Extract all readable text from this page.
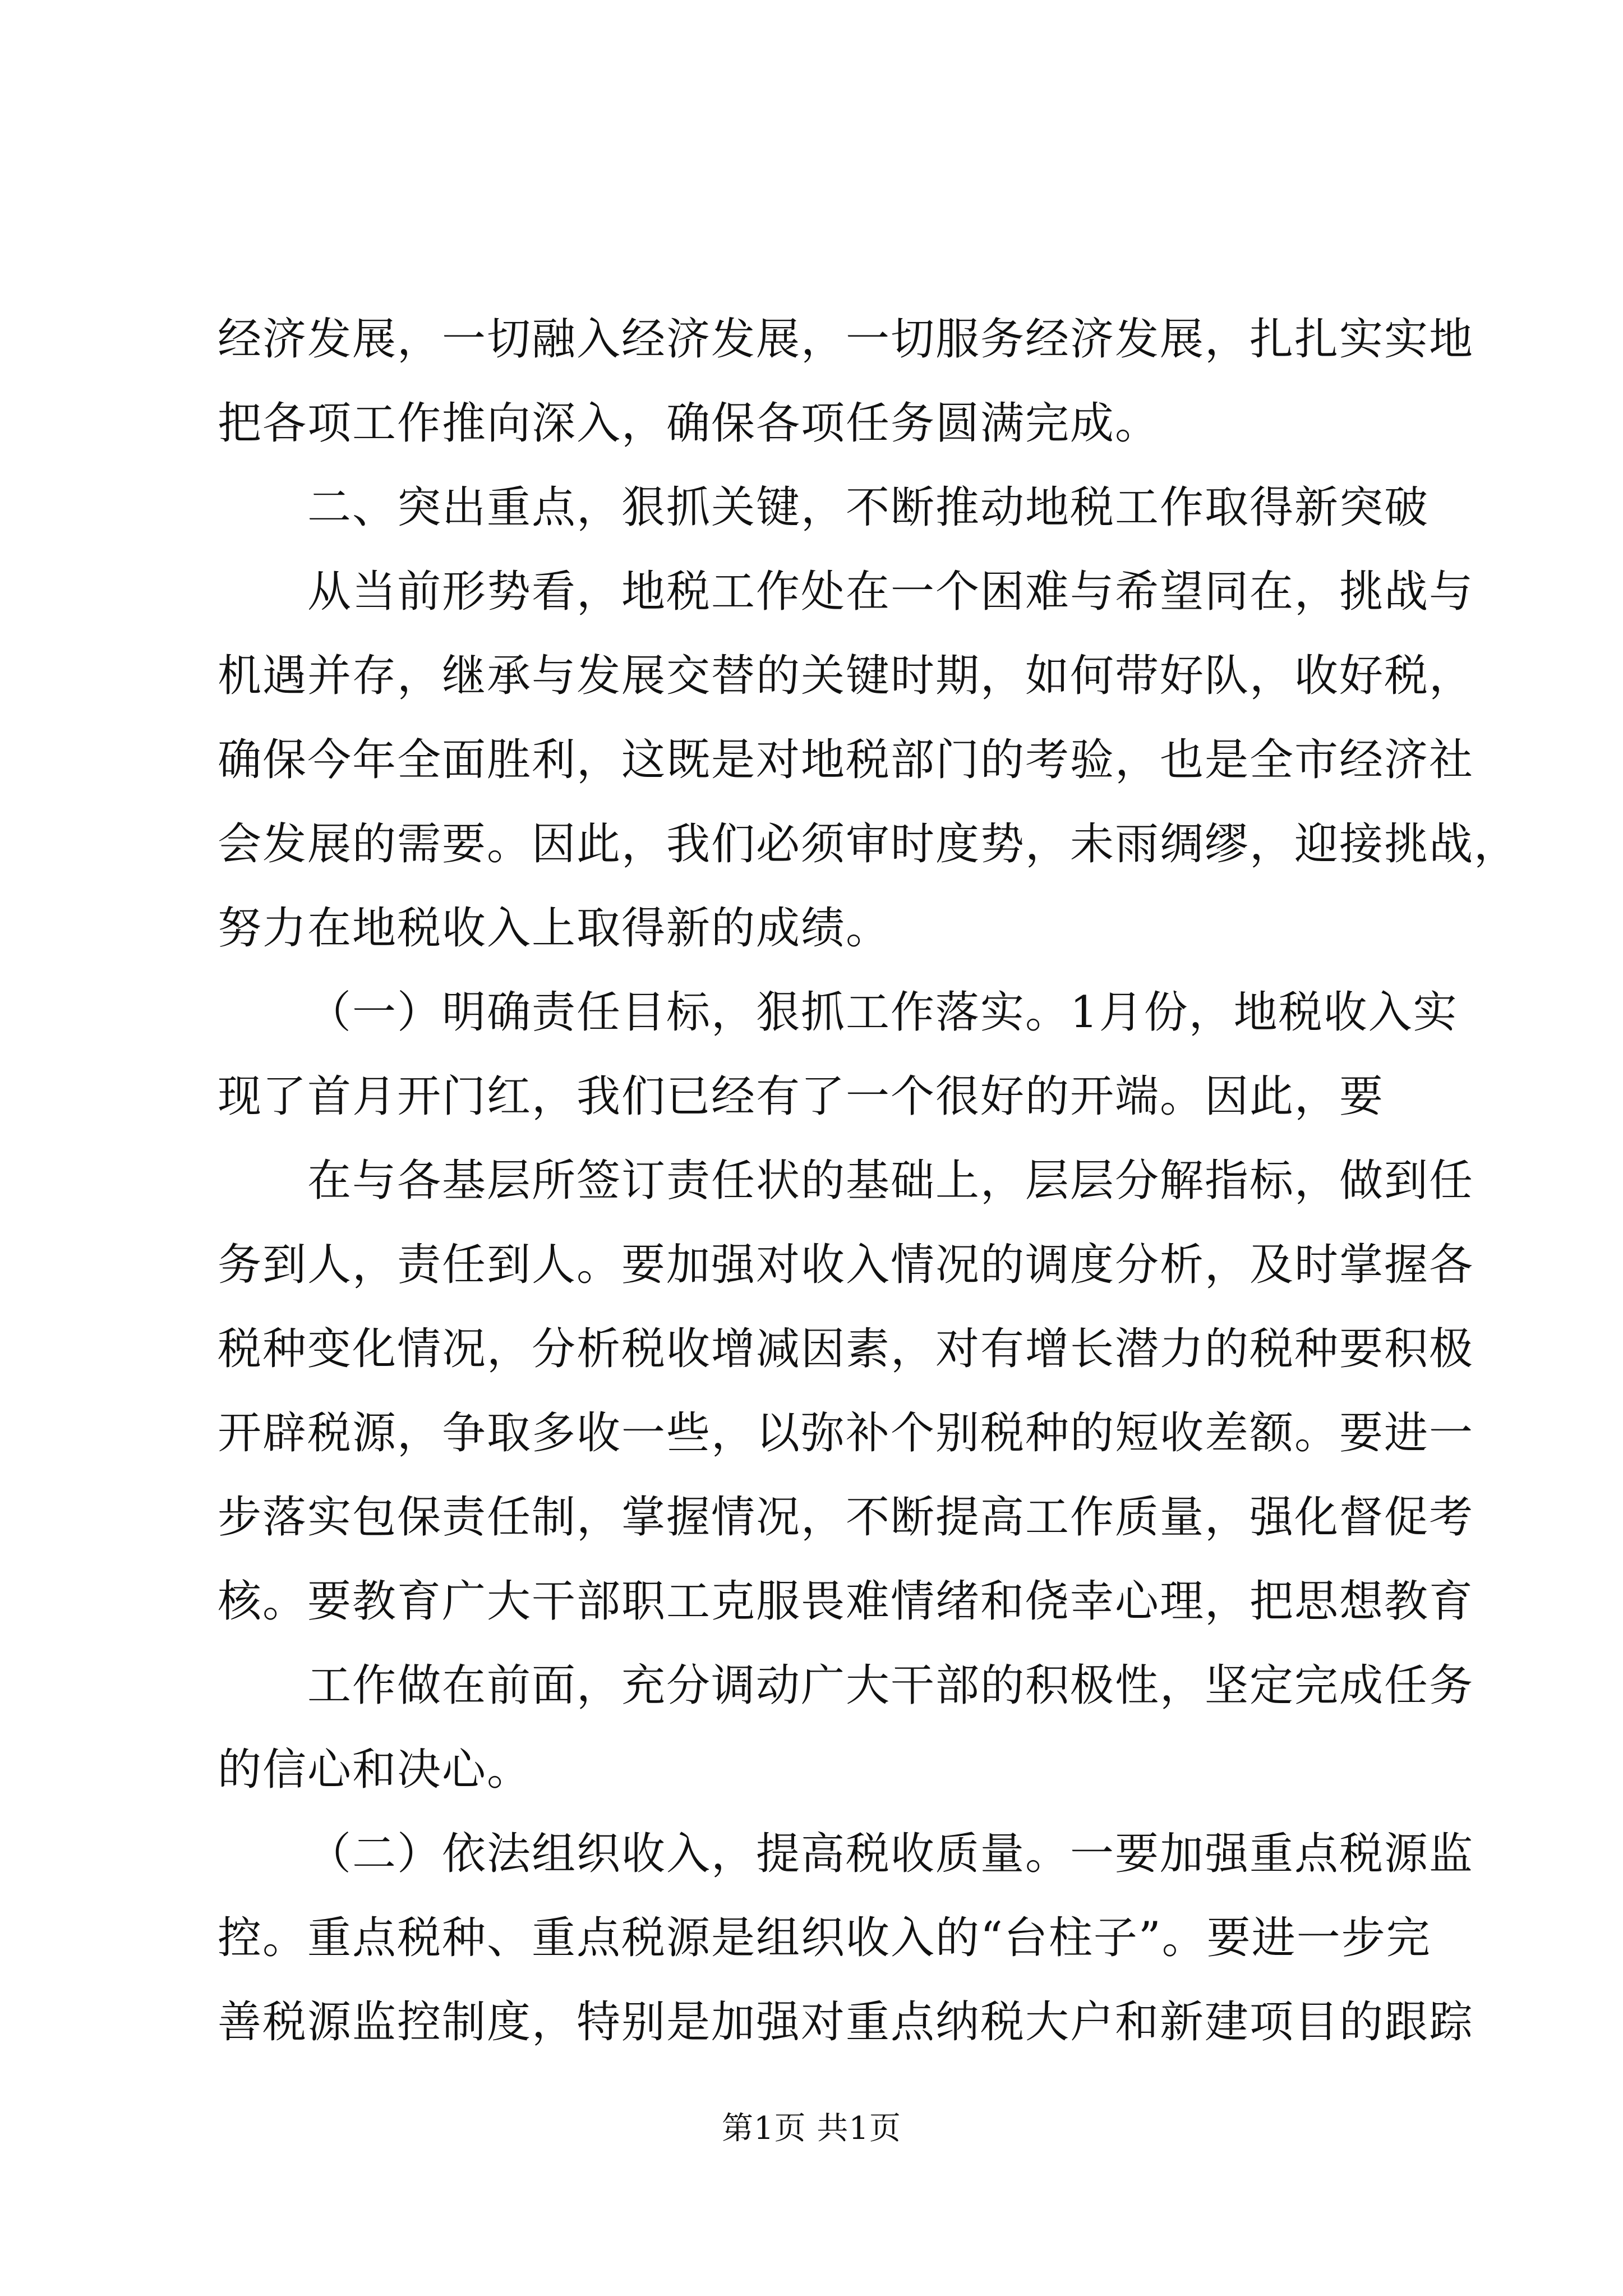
经济发展，一切融入经济发展，一切服务经济发展，扎扎实实地
把各项工作推向深入，确保各项任务圆满完成。
二、突出重点，狠抓关键，不断推动地税工作取得新突破
从当前形势看，地税工作处在一个困难与希望同在，挑战与
机遇并存，继承与发展交替的关键时期，如何带好队，收好税，
确保今年全面胜利，这既是对地税部门的考验，也是全市经济社
会发展的需要。因此，我们必须审时度势，未雨绸缪，迎接挑战，
努力在地税收入上取得新的成绩。
（一）明确责任目标，狠抓工作落实。1月份，地税收入实
现了首月开门红，我们已经有了一个很好的开端。因此，要
在与各基层所签订责任状的基础上，层层分解指标，做到任
务到人，责任到人。要加强对收入情况的调度分析，及时掌握各
税种变化情况，分析税收增减因素，对有增长潜力的税种要积极
开辟税源，争取多收一些，以弥补个别税种的短收差额。要进一
步落实包保责任制，掌握情况，不断提高工作质量，强化督促考
核。要教育广大干部职工克服畏难情绪和侥幸心理，把思想教育
工作做在前面，充分调动广大干部的积极性，坚定完成任务
的信心和决心。
（二）依法组织收入，提高税收质量。一要加强重点税源监
控。重点税种、重点税源是组织收入的“台柱子”。要进一步完
善税源监控制度，特别是加强对重点纳税大户和新建项目的跟踪
第1页 共1页
